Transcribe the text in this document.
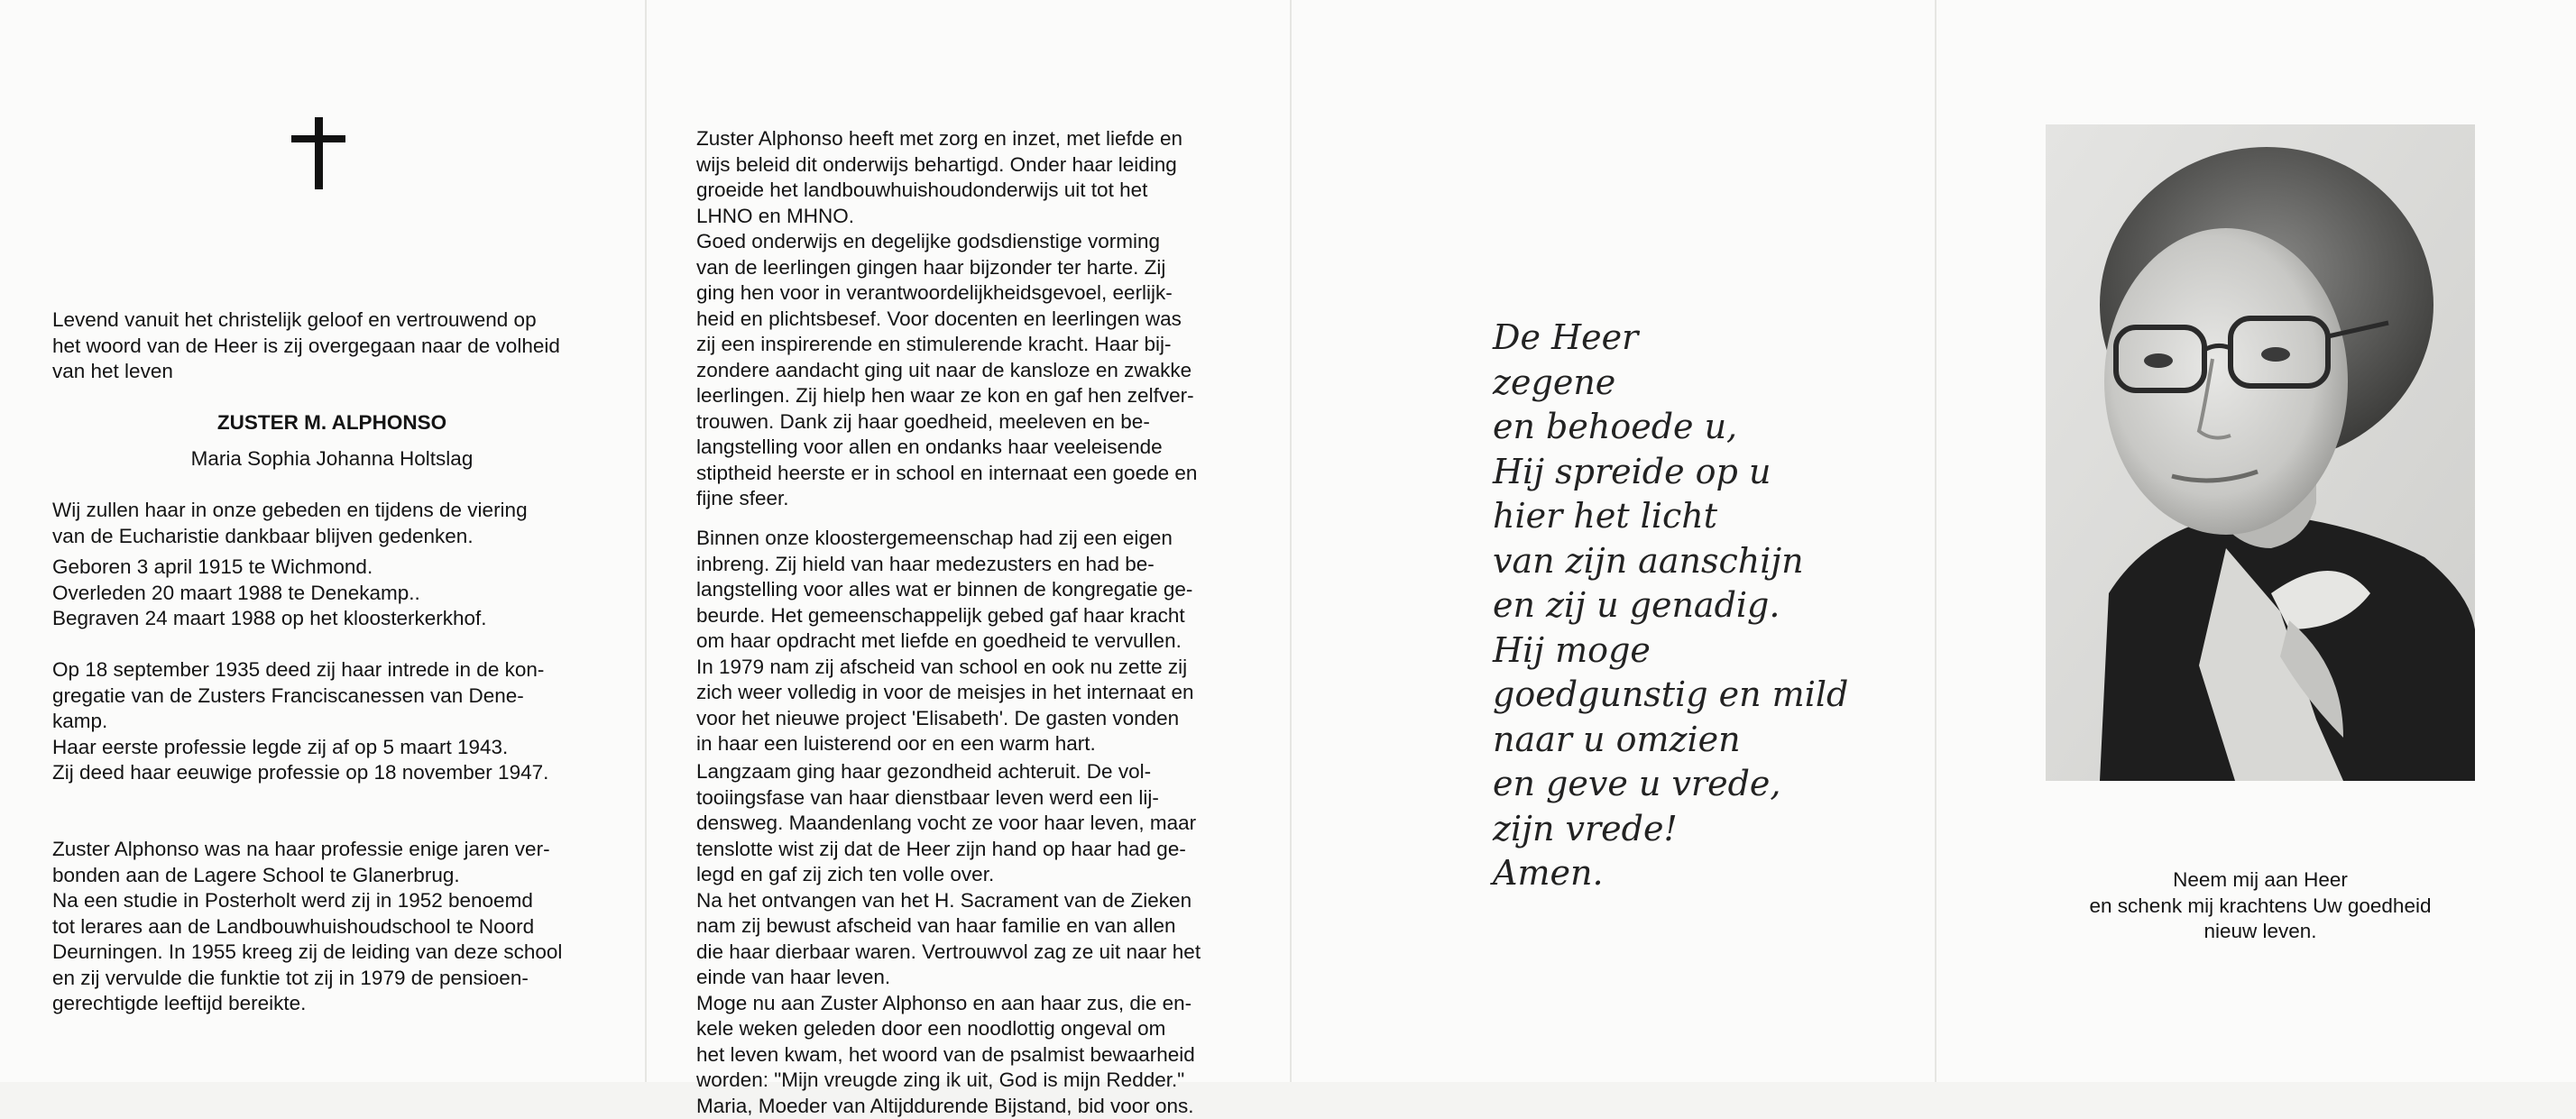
Levend vanuit het christelijk geloof en vertrouwend op

het woord van de Heer is zij overgegaan naar de volheid

van het leven

ZUSTER M. ALPHONSO
Maria Sophia Johanna Holtslag

Wij zullen haar in onze gebeden en tijdens de viering

van de Eucharistie dankbaar blijven gedenken.

Geboren 3 april 1915 te Wichmond.

Overleden 20 maart 1988 te Denekamp..

Begraven 24 maart 1988 op het kloosterkerkhof.

Op 18 september 1935 deed zij haar intrede in de kon-

gregatie van de Zusters Franciscanessen van Dene-

kamp.

Haar eerste professie legde zij af op 5 maart 1943.

Zij deed haar eeuwige professie op 18 november 1947.

Zuster Alphonso was na haar professie enige jaren ver-

bonden aan de Lagere School te Glanerbrug.

Na een studie in Posterholt werd zij in 1952 benoemd

tot lerares aan de Landbouwhuishoudschool te Noord

Deurningen. In 1955 kreeg zij de leiding van deze school

en zij vervulde die funktie tot zij in 1979 de pensioen-

gerechtigde leeftijd bereikte.

Zuster Alphonso heeft met zorg en inzet, met liefde en

wijs beleid dit onderwijs behartigd. Onder haar leiding

groeide het landbouwhuishoudonderwijs uit tot het

LHNO en MHNO.

Goed onderwijs en degelijke godsdienstige vorming

van de leerlingen gingen haar bijzonder ter harte. Zij

ging hen voor in verantwoordelijkheidsgevoel, eerlijk-

heid en plichtsbesef. Voor docenten en leerlingen was

zij een inspirerende en stimulerende kracht. Haar bij-

zondere aandacht ging uit naar de kansloze en zwakke

leerlingen. Zij hielp hen waar ze kon en gaf hen zelfver-

trouwen. Dank zij haar goedheid, meeleven en be-

langstelling voor allen en ondanks haar veeleisende

stiptheid heerste er in school en internaat een goede en

fijne sfeer.

Binnen onze kloostergemeenschap had zij een eigen

inbreng. Zij hield van haar medezusters en had be-

langstelling voor alles wat er binnen de kongregatie ge-

beurde. Het gemeenschappelijk gebed gaf haar kracht

om haar opdracht met liefde en goedheid te vervullen.

In 1979 nam zij afscheid van school en ook nu zette zij

zich weer volledig in voor de meisjes in het internaat en

voor het nieuwe project 'Elisabeth'. De gasten vonden

in haar een luisterend oor en een warm hart.

Langzaam ging haar gezondheid achteruit. De vol-

tooiingsfase van haar dienstbaar leven werd een lij-

densweg. Maandenlang vocht ze voor haar leven, maar

tenslotte wist zij dat de Heer zijn hand op haar had ge-

legd en gaf zij zich ten volle over.

Na het ontvangen van het H. Sacrament van de Zieken

nam zij bewust afscheid van haar familie en van allen

die haar dierbaar waren. Vertrouwvol zag ze uit naar het

einde van haar leven.

Moge nu aan Zuster Alphonso en aan haar zus, die en-

kele weken geleden door een noodlottig ongeval om

het leven kwam, het woord van de psalmist bewaarheid

worden: "Mijn vreugde zing ik uit, God is mijn Redder."

Maria, Moeder van Altijddurende Bijstand, bid voor ons.

De Heer
zegene
en behoede u,
Hij spreide op u
hier het licht
van zijn aanschijn
en zij u genadig.
Hij moge
goedgunstig en mild
naar u omzien
en geve u vrede,
zijn vrede!
Amen.	Neem mij aan Heer
en schenk mij krachtens Uw goedheid
nieuw leven.
